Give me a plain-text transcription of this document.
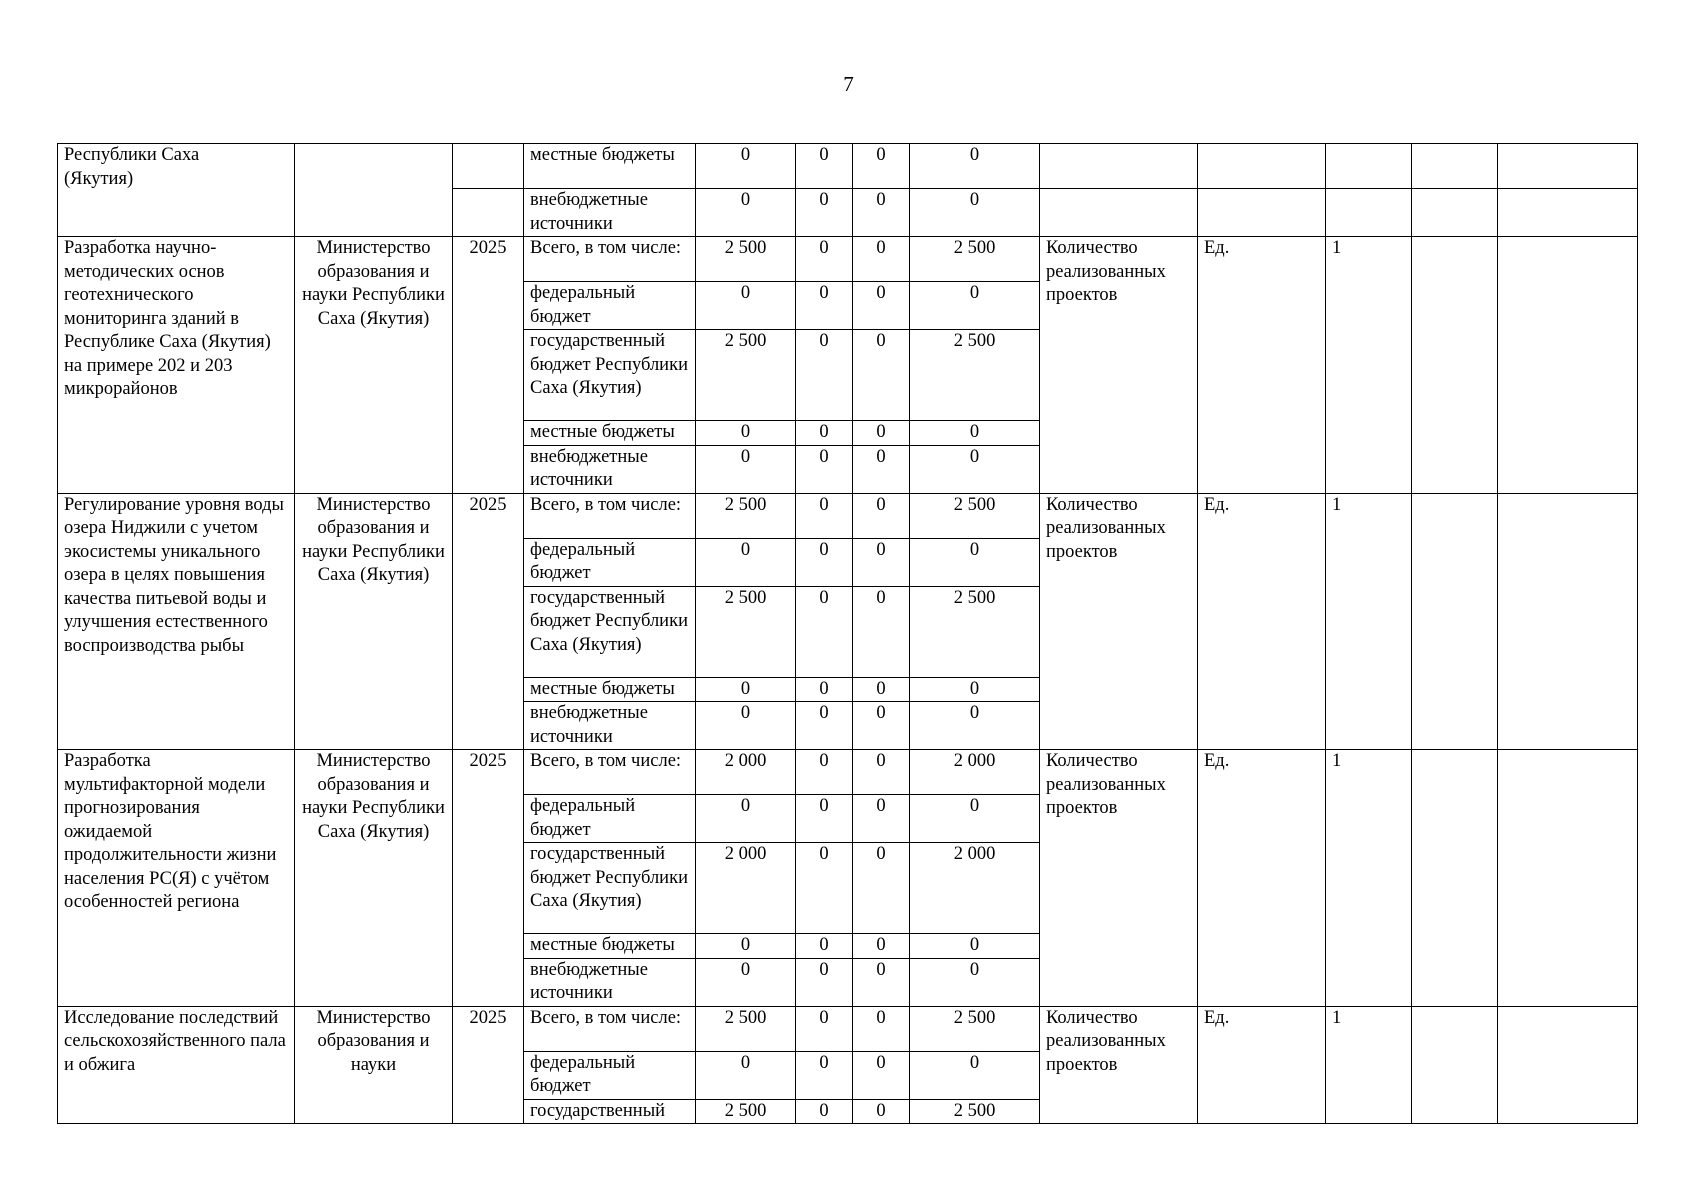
7
Республики Саха
(Якутия)			местные бюджеты	0	0	0	0					
			внебюджетные источники	0	0	0	0					
Разработка научно-методических основ геотехнического мониторинга зданий в Республике Саха (Якутия) на примере 202 и 203 микрорайонов	Министерство образования и науки Республики Саха (Якутия)	2025	Всего, в том числе:	2 500	0	0	2 500	Количество реализованных проектов	Ед.	1		
			федеральный бюджет	0	0	0	0					
			государственный бюджет Республики Саха (Якутия)	2 500	0	0	2 500					
			местные бюджеты	0	0	0	0					
			внебюджетные источники	0	0	0	0					
Регулирование уровня воды озера Ниджили с учетом экосистемы уникального озера в целях повышения качества питьевой воды и улучшения естественного воспроизводства рыбы	Министерство образования и науки Республики Саха (Якутия)	2025	Всего, в том числе:	2 500	0	0	2 500	Количество реализованных проектов	Ед.	1		
			федеральный бюджет	0	0	0	0					
			государственный бюджет Республики Саха (Якутия)	2 500	0	0	2 500					
			местные бюджеты	0	0	0	0					
			внебюджетные источники	0	0	0	0					
Разработка мультифакторной модели прогнозирования ожидаемой продолжительности жизни населения РС(Я) с учётом особенностей региона	Министерство образования и науки Республики Саха (Якутия)	2025	Всего, в том числе:	2 000	0	0	2 000	Количество реализованных проектов	Ед.	1		
			федеральный бюджет	0	0	0	0					
			государственный бюджет Республики Саха (Якутия)	2 000	0	0	2 000					
			местные бюджеты	0	0	0	0					
			внебюджетные источники	0	0	0	0					
Исследование последствий сельскохозяйственного пала и обжига	Министерство образования и науки	2025	Всего, в том числе:	2 500	0	0	2 500	Количество реализованных проектов	Ед.	1		
			федеральный бюджет	0	0	0	0					
			государственный	2 500	0	0	2 500					
